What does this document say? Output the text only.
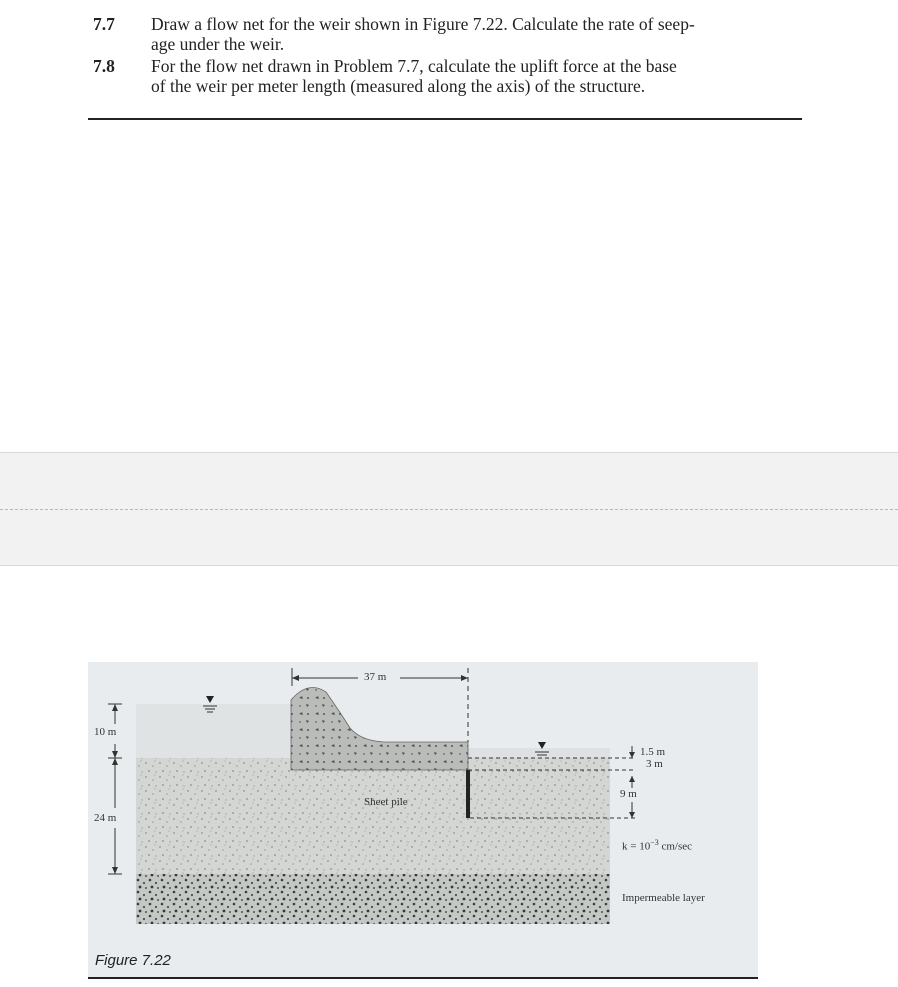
7.7	Draw a flow net for the weir shown in Figure 7.22. Calculate the rate of seep-
age under the weir.
7.8	For the flow net drawn in Problem 7.7, calculate the uplift force at the base
of the weir per meter length (measured along the axis) of the structure.
37 m
10 m
24 m
Sheet pile
1.5 m
3 m
9 m
$k = 10^{-3}$ cm/sec
Impermeable layer
Figure 7.22
